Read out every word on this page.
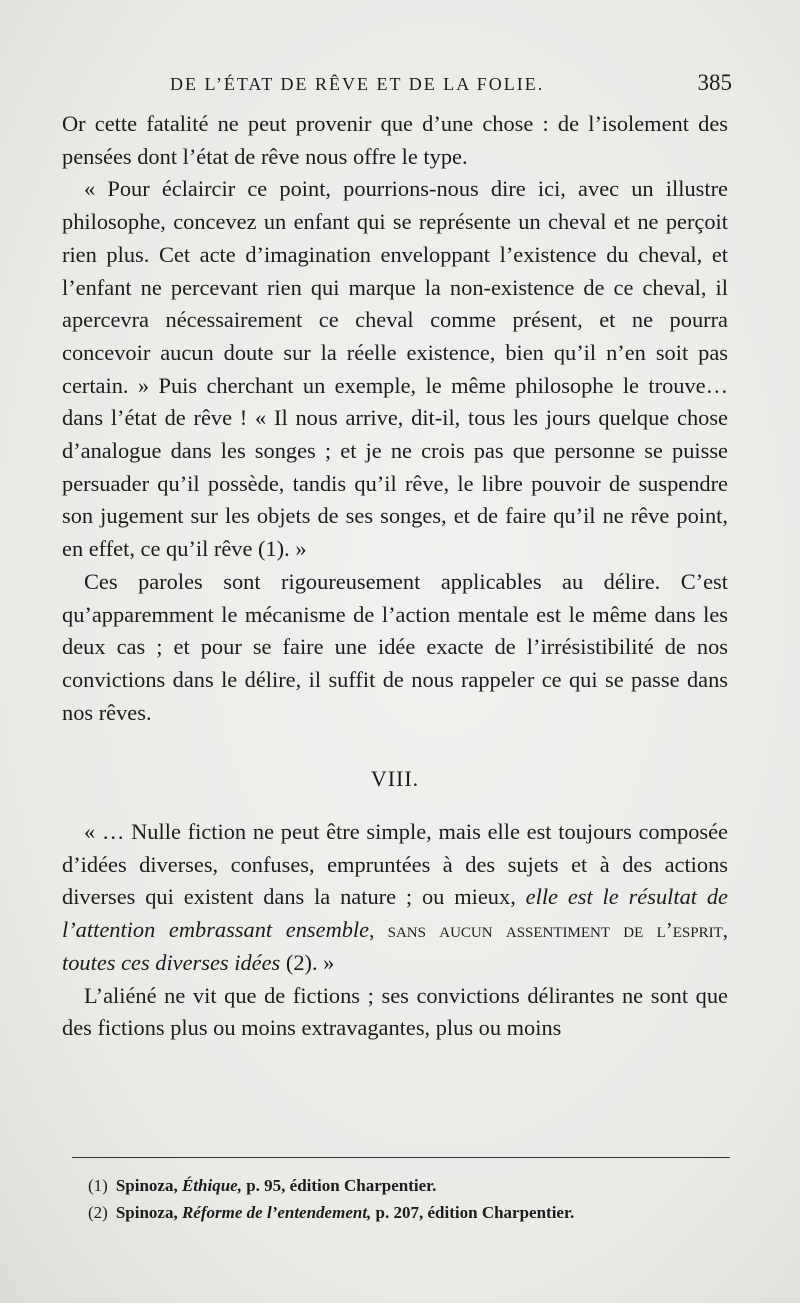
DE L’ÉTAT DE RÊVE ET DE LA FOLIE.	385

Or cette fatalité ne peut provenir que d’une chose : de l’isolement des pensées dont l’état de rêve nous offre le type.

« Pour éclaircir ce point, pourrions-nous dire ici, avec un illustre philosophe, concevez un enfant qui se représente un cheval et ne perçoit rien plus. Cet acte d’imagination enveloppant l’existence du cheval, et l’enfant ne percevant rien qui marque la non-existence de ce cheval, il apercevra nécessairement ce cheval comme présent, et ne pourra concevoir aucun doute sur la réelle existence, bien qu’il n’en soit pas certain. » Puis cherchant un exemple, le même philosophe le trouve… dans l’état de rêve ! « Il nous arrive, dit-il, tous les jours quelque chose d’analogue dans les songes ; et je ne crois pas que personne se puisse persuader qu’il possède, tandis qu’il rêve, le libre pouvoir de suspendre son jugement sur les objets de ses songes, et de faire qu’il ne rêve point, en effet, ce qu’il rêve (1). »

Ces paroles sont rigoureusement applicables au délire. C’est qu’apparemment le mécanisme de l’action mentale est le même dans les deux cas ; et pour se faire une idée exacte de l’irrésistibilité de nos convictions dans le délire, il suffit de nous rappeler ce qui se passe dans nos rêves.

VIII.

« … Nulle fiction ne peut être simple, mais elle est toujours composée d’idées diverses, confuses, empruntées à des sujets et à des actions diverses qui existent dans la nature ; ou mieux, elle est le résultat de l’attention embrassant ensemble, sans aucun assentiment de l’esprit, toutes ces diverses idées (2). »

L’aliéné ne vit que de fictions ; ses convictions délirantes ne sont que des fictions plus ou moins extravagantes, plus ou moins

(1) Spinoza, Éthique, p. 95, édition Charpentier.

(2) Spinoza, Réforme de l’entendement, p. 207, édition Charpentier.
